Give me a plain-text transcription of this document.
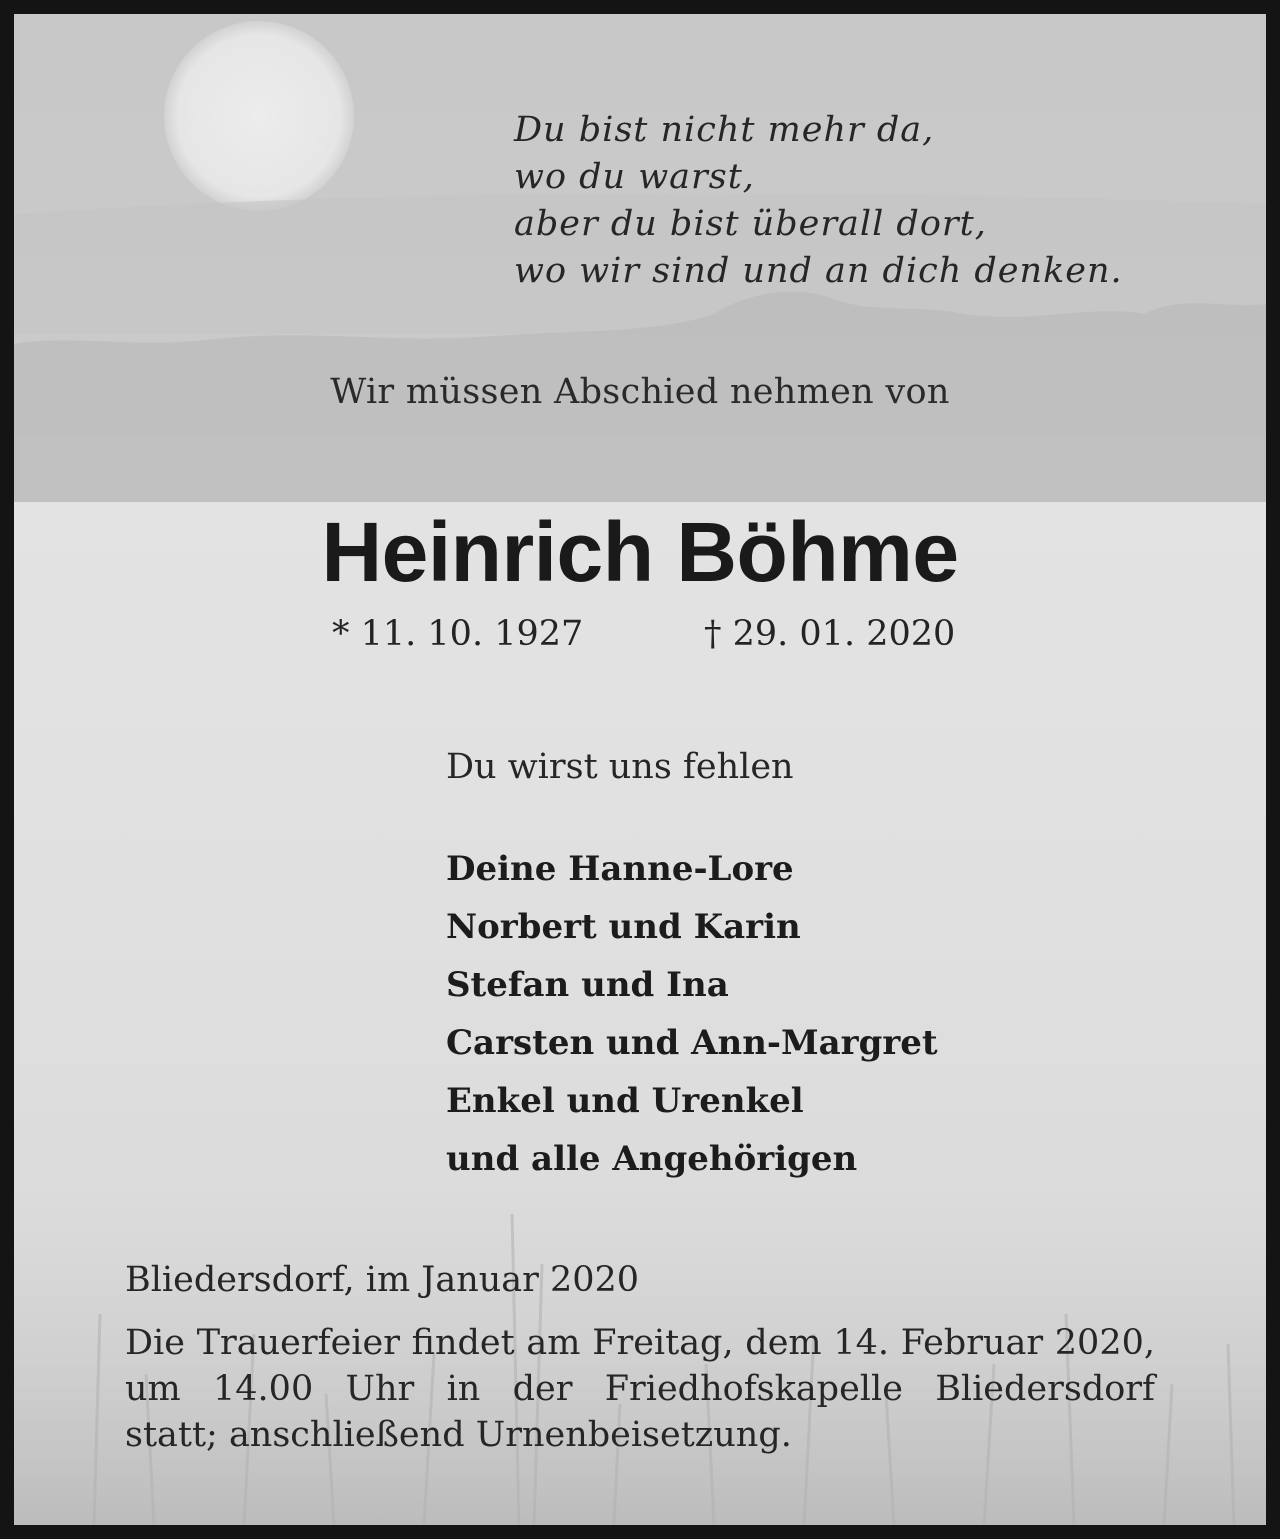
Du bist nicht mehr da,
wo du warst,
aber du bist überall dort,
wo wir sind und an dich denken.
Wir müssen Abschied nehmen von
Heinrich Böhme
* 11. 10. 1927	† 29. 01. 2020
Du wirst uns fehlen
Deine Hanne-Lore
Norbert und Karin
Stefan und Ina
Carsten und Ann-Margret
Enkel und Urenkel
und alle Angehörigen
Bliedersdorf, im Januar 2020
Die Trauerfeier findet am Freitag, dem 14. Februar 2020,
um 14.00 Uhr in der Friedhofskapelle Bliedersdorf
statt; anschließend Urnenbeisetzung.
